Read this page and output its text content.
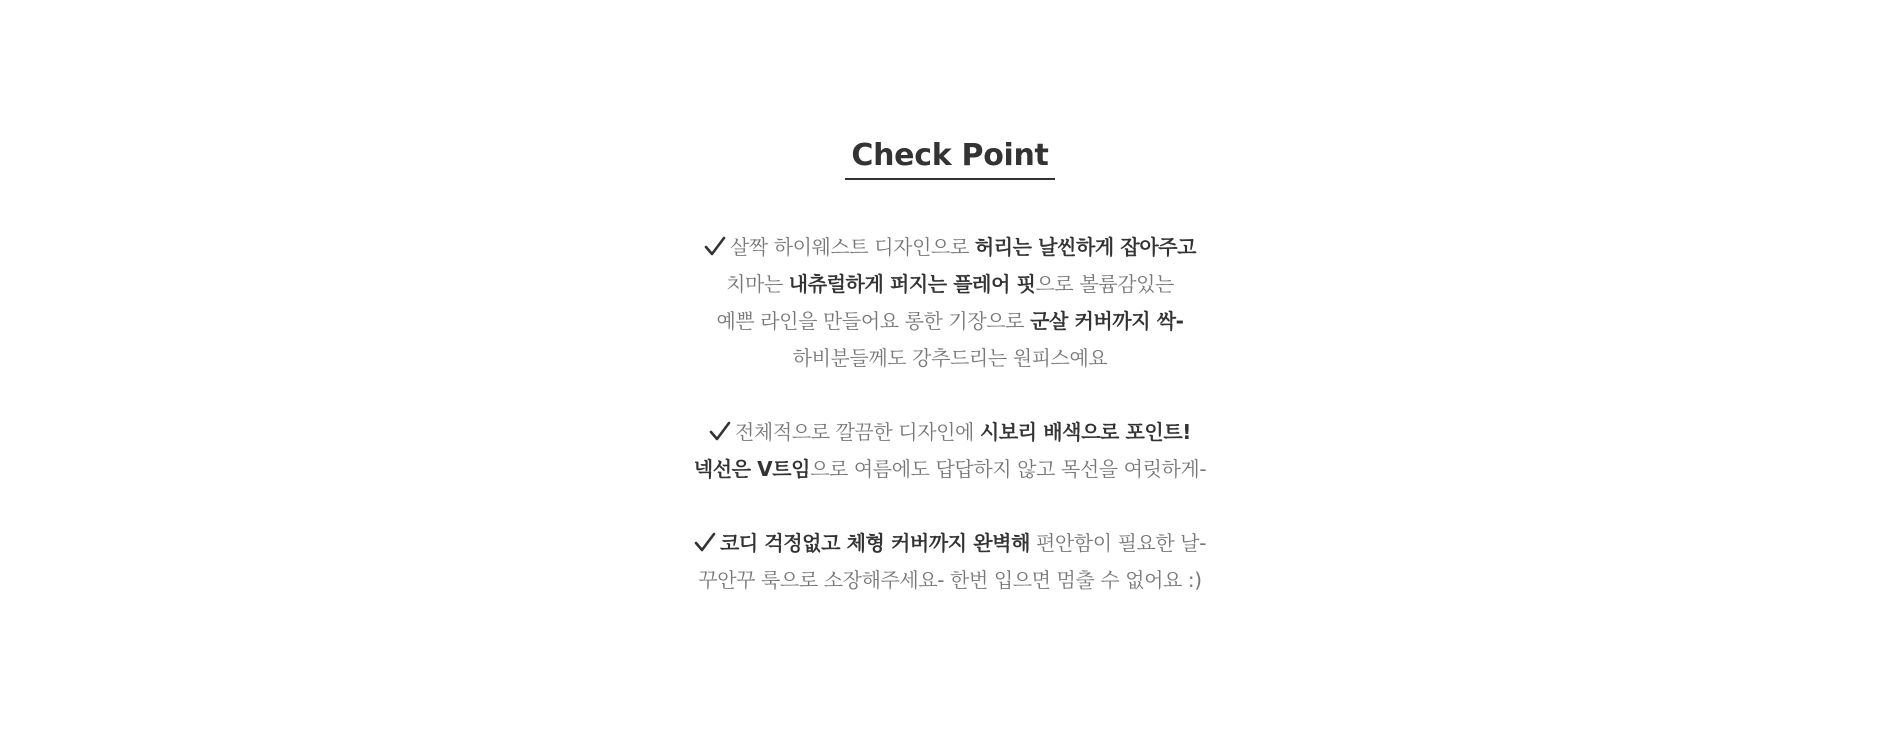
Check Point
살짝 하이웨스트 디자인으로 허리는 날씬하게 잡아주고
치마는 내츄럴하게 퍼지는 플레어 핏으로 볼륨감있는
예쁜 라인을 만들어요 롱한 기장으로 군살 커버까지 싹-
하비분들께도 강추드리는 원피스예요
전체적으로 깔끔한 디자인에 시보리 배색으로 포인트!
넥선은 V트임으로 여름에도 답답하지 않고 목선을 여릿하게-
코디 걱정없고 체형 커버까지 완벽해 편안함이 필요한 날-
꾸안꾸 룩으로 소장해주세요- 한번 입으면 멈출 수 없어요 :)
